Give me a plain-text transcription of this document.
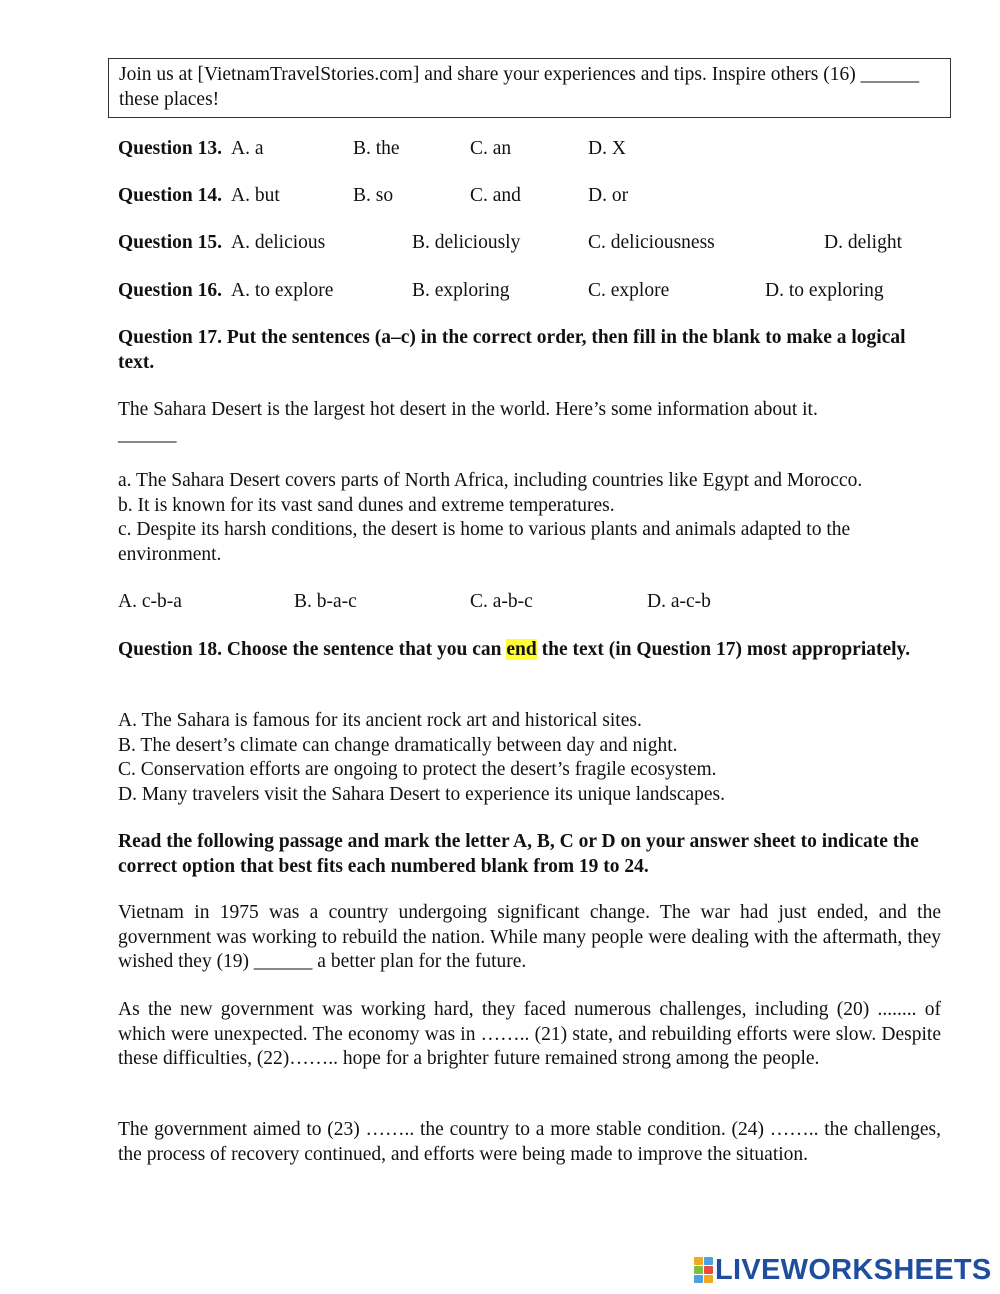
Join us at [VietnamTravelStories.com] and share your experiences and tips. Inspire others (16) ______ these places!
Question 13. A. a	B. the	C. an	D. X
Question 14. A. but	B. so	C. and	D. or
Question 15. A. delicious	B. deliciously	C. deliciousness	D. delight
Question 16. A. to explore	B. exploring	C. explore	D. to exploring
Question 17. Put the sentences (a–c) in the correct order, then fill in the blank to make a logical text.
The Sahara Desert is the largest hot desert in the world. Here’s some information about it.
______
a. The Sahara Desert covers parts of North Africa, including countries like Egypt and Morocco.
b. It is known for its vast sand dunes and extreme temperatures.
c. Despite its harsh conditions, the desert is home to various plants and animals adapted to the environment.
A. c-b-a	B. b-a-c	C. a-b-c	D. a-c-b
Question 18. Choose the sentence that you can end the text (in Question 17) most appropriately.
A. The Sahara is famous for its ancient rock art and historical sites.
B. The desert’s climate can change dramatically between day and night.
C. Conservation efforts are ongoing to protect the desert’s fragile ecosystem.
D. Many travelers visit the Sahara Desert to experience its unique landscapes.
Read the following passage and mark the letter A, B, C or D on your answer sheet to indicate the correct option that best fits each numbered blank from 19 to 24.
Vietnam in 1975 was a country undergoing significant change. The war had just ended, and the government was working to rebuild the nation. While many people were dealing with the aftermath, they wished they (19) ______ a better plan for the future.
As the new government was working hard, they faced numerous challenges, including (20) ........ of which were unexpected. The economy was in …….. (21) state, and rebuilding efforts were slow. Despite these difficulties, (22)…….. hope for a brighter future remained strong among the people.
The government aimed to (23) …….. the country to a more stable condition. (24) …….. the challenges, the process of recovery continued, and efforts were being made to improve the situation.
LIVEWORKSHEETS
